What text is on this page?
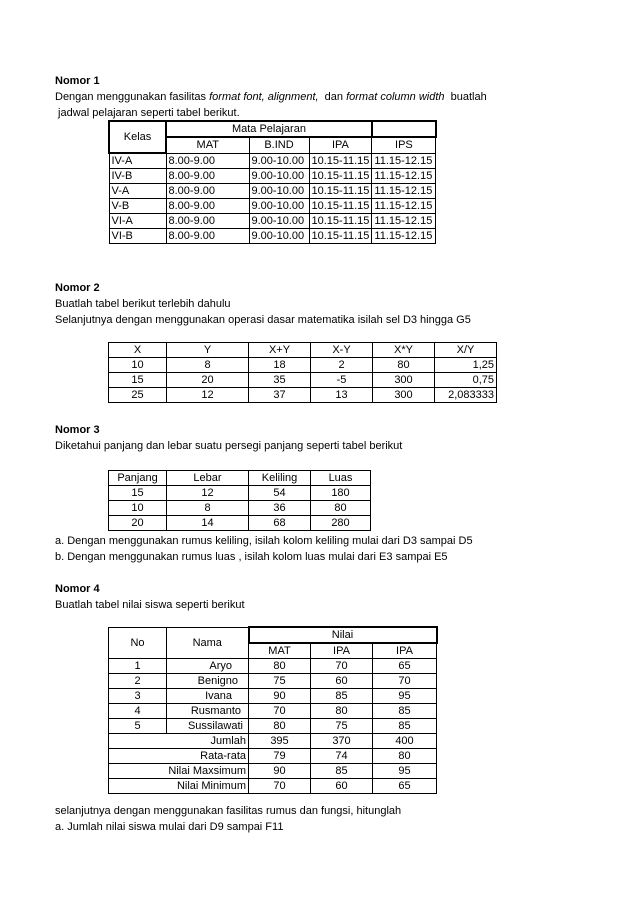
Nomor 1
Dengan menggunakan fasilitas format font, alignment,  dan format column width  buatlah
jadwal pelajaran seperti tabel berikut.
Kelas	Mata Pelajaran			
	MAT	B.IND	IPA	IPS
IV-A	8.00-9.00	9.00-10.00	10.15-11.15	11.15-12.15
IV-B	8.00-9.00	9.00-10.00	10.15-11.15	11.15-12.15
V-A	8.00-9.00	9.00-10.00	10.15-11.15	11.15-12.15
V-B	8.00-9.00	9.00-10.00	10.15-11.15	11.15-12.15
VI-A	8.00-9.00	9.00-10.00	10.15-11.15	11.15-12.15
VI-B	8.00-9.00	9.00-10.00	10.15-11.15	11.15-12.15
Nomor 2
Buatlah tabel berikut terlebih dahulu
Selanjutnya dengan menggunakan operasi dasar matematika isilah sel D3 hingga G5
X	Y	X+Y	X-Y	X*Y	X/Y
10	8	18	2	80	1,25
15	20	35	-5	300	0,75
25	12	37	13	300	2,083333
Nomor 3
Diketahui panjang dan lebar suatu persegi panjang seperti tabel berikut
Panjang	Lebar	Keliling	Luas
15	12	54	180
10	8	36	80
20	14	68	280
a. Dengan menggunakan rumus keliling, isilah kolom keliling mulai dari D3 sampai D5
b. Dengan menggunakan rumus luas , isilah kolom luas mulai dari E3 sampai E5
Nomor 4
Buatlah tabel nilai siswa seperti berikut
No	Nama	Nilai		
		MAT	IPA	IPA
1	Aryo	80	70	65
2	Benigno	75	60	70
3	Ivana	90	85	95
4	Rusmanto	70	80	85
5	Sussilawati	80	75	85
Jumlah		395	370	400
Rata-rata		79	74	80
Nilai Maxsimum		90	85	95
Nilai Minimum		70	60	65
selanjutnya dengan menggunakan fasilitas rumus dan fungsi, hitunglah
a. Jumlah nilai siswa mulai dari D9 sampai F11
